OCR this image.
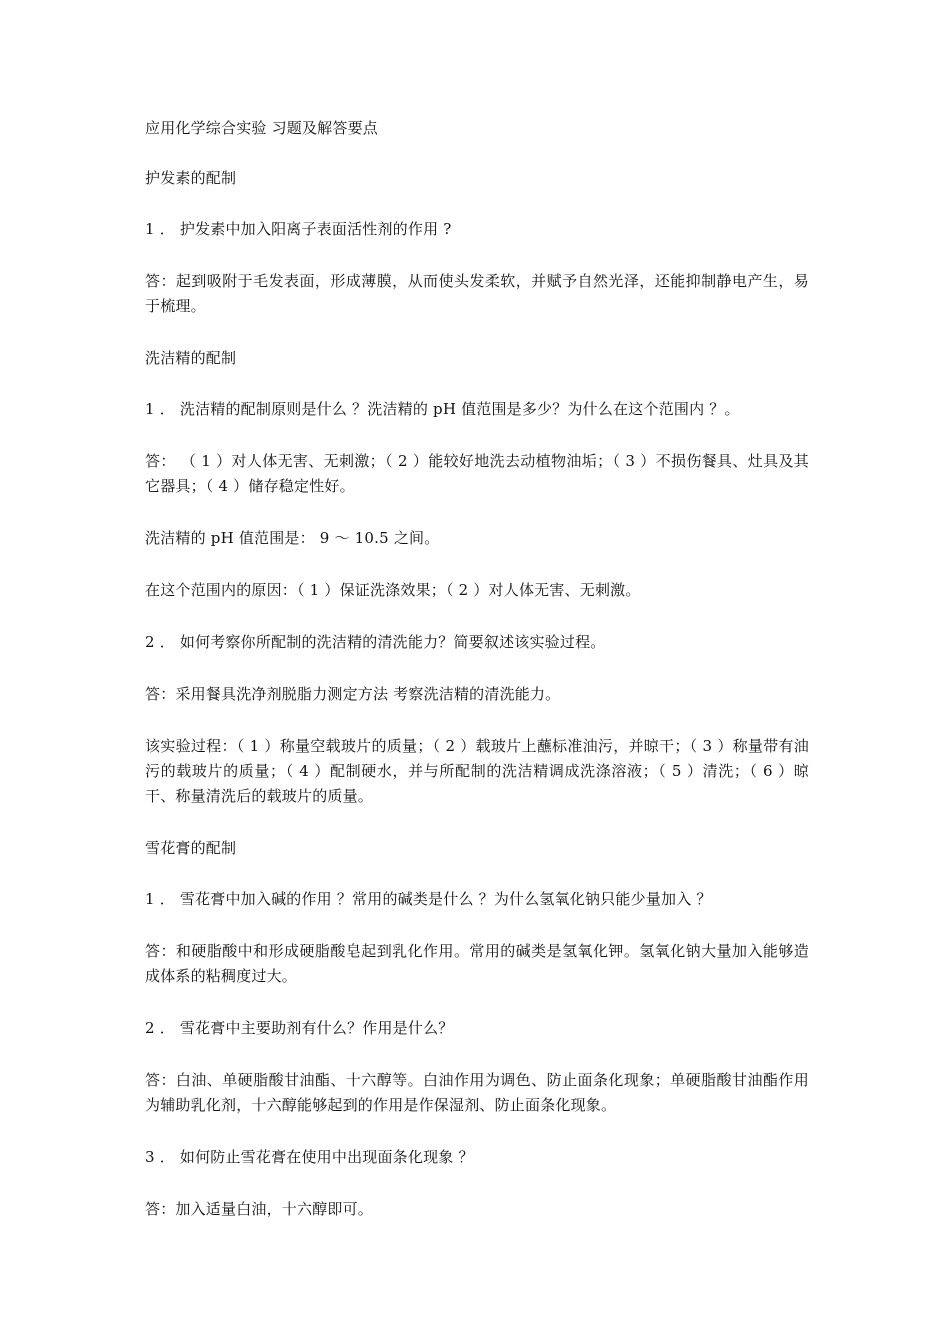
应用化学综合实验 习题及解答要点
护发素的配制
1 ． 护发素中加入阳离子表面活性剂的作用 ?
答：起到吸附于毛发表面，形成薄膜，从而使头发柔软，并赋予自然光泽，还能抑制静电产生，易于梳理。
洗洁精的配制
1 ． 洗洁精的配制原则是什么 ？洗洁精的 pH 值范围是多少？为什么在这个范围内 ？。
答： （ 1 ）对人体无害、无刺激；（ 2 ）能较好地洗去动植物油垢；（ 3 ）不损伤餐具、灶具及其它器具；（ 4 ）储存稳定性好。
洗洁精的 pH 值范围是： 9 ～ 10.5 之间。
在这个范围内的原因：（ 1 ）保证洗涤效果；（ 2 ）对人体无害、无刺激。
2 ． 如何考察你所配制的洗洁精的清洗能力？简要叙述该实验过程。
答：采用餐具洗净剂脱脂力测定方法 考察洗洁精的清洗能力。
该实验过程：（ 1 ）称量空载玻片的质量；（ 2 ）载玻片上蘸标准油污，并晾干；（ 3 ）称量带有油污的载玻片的质量；（ 4 ）配制硬水，并与所配制的洗洁精调成洗涤溶液；（ 5 ）清洗；（ 6 ）晾干、称量清洗后的载玻片的质量。
雪花膏的配制
1 ． 雪花膏中加入碱的作用 ？常用的碱类是什么 ？为什么氢氧化钠只能少量加入 ？
答：和硬脂酸中和形成硬脂酸皂起到乳化作用。常用的碱类是氢氧化钾。氢氧化钠大量加入能够造成体系的粘稠度过大。
2 ． 雪花膏中主要助剂有什么？作用是什么？
答：白油、单硬脂酸甘油酯、十六醇等。白油作用为调色、防止面条化现象；单硬脂酸甘油酯作用为辅助乳化剂，十六醇能够起到的作用是作保湿剂、防止面条化现象。
3 ． 如何防止雪花膏在使用中出现面条化现象 ？
答：加入适量白油，十六醇即可。
